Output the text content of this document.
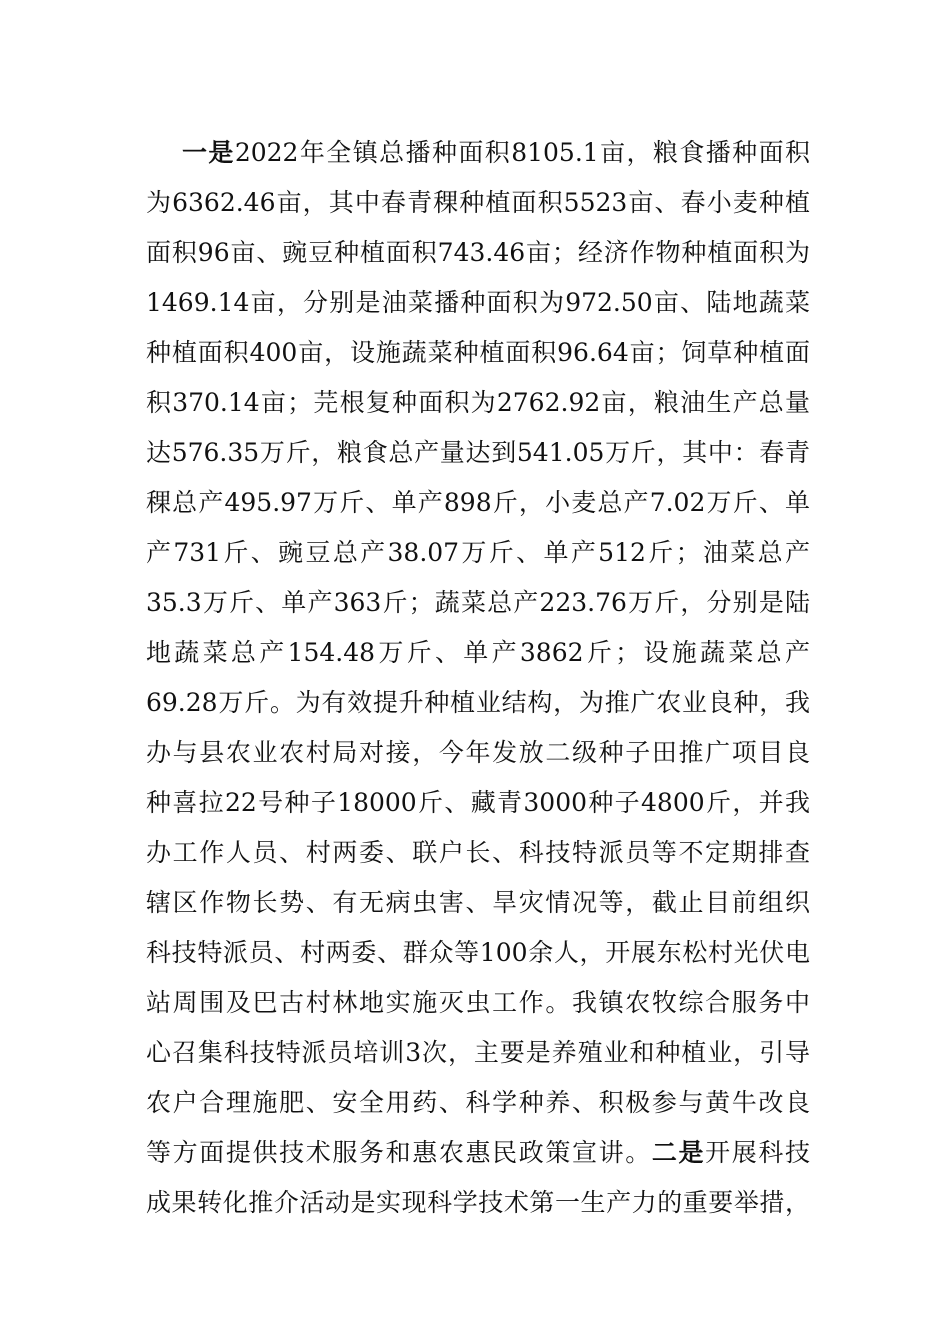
一是2022年全镇总播种面积8105.1亩，粮食播种面积
为6362.46亩，其中春青稞种植面积5523亩、春小麦种植
面积96亩、豌豆种植面积743.46亩；经济作物种植面积为
1469.14亩，分别是油菜播种面积为972.50亩、陆地蔬菜
种植面积400亩，设施蔬菜种植面积96.64亩；饲草种植面
积370.14亩；芫根复种面积为2762.92亩，粮油生产总量
达576.35万斤，粮食总产量达到541.05万斤，其中：春青
稞总产495.97万斤、单产898斤，小麦总产7.02万斤、单
产731斤、豌豆总产38.07万斤、单产512斤；油菜总产
35.3万斤、单产363斤；蔬菜总产223.76万斤，分别是陆
地蔬菜总产154.48万斤、单产3862斤；设施蔬菜总产
69.28万斤。为有效提升种植业结构，为推广农业良种，我
办与县农业农村局对接，今年发放二级种子田推广项目良
种喜拉22号种子18000斤、藏青3000种子4800斤，并我
办工作人员、村两委、联户长、科技特派员等不定期排查
辖区作物长势、有无病虫害、旱灾情况等，截止目前组织
科技特派员、村两委、群众等100余人，开展东松村光伏电
站周围及巴古村林地实施灭虫工作。我镇农牧综合服务中
心召集科技特派员培训3次，主要是养殖业和种植业，引导
农户合理施肥、安全用药、科学种养、积极参与黄牛改良
等方面提供技术服务和惠农惠民政策宣讲。二是开展科技
成果转化推介活动是实现科学技术第一生产力的重要举措，
